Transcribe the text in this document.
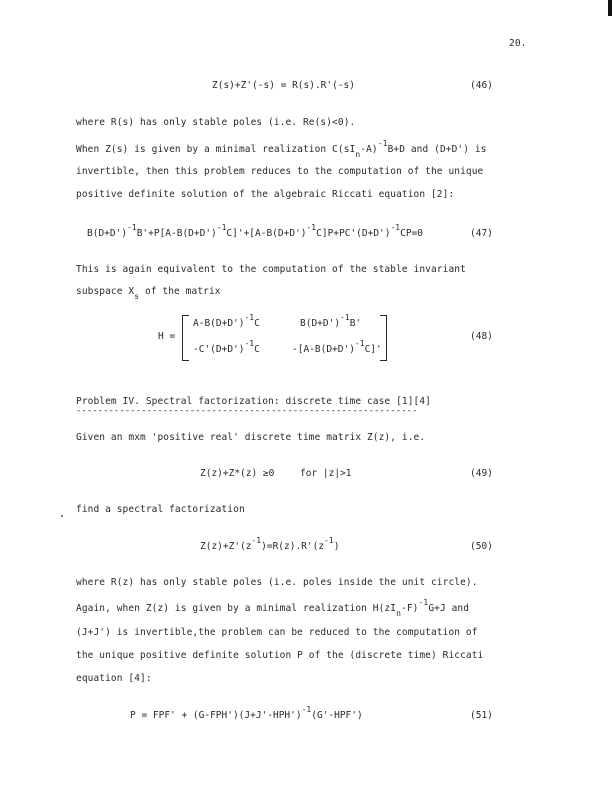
20.
Z(s)+Z'(-s) = R(s).R'(-s)	(46)
where R(s) has only stable poles (i.e. Re(s)<0).
When Z(s) is given by a minimal realization $C(sI_n-A)^{-1}B+D$ and (D+D') is
invertible, then this problem reduces to the computation of the unique
positive definite solution of the algebraic Riccati equation [2]:
$B(D+D')^{-1}B'+P[A-B(D+D')^{-1}C]'+[A-B(D+D')^{-1}C]P+PC'(D+D')^{-1}CP=0$	(47)
This is again equivalent to the computation of the stable invariant
subspace $X_s$ of the matrix
H =
$A-B(D+D')^{-1}C$	$B(D+D')^{-1}B'$
$-C'(D+D')^{-1}C$	$-[A-B(D+D')^{-1}C]'$
(48)
Problem IV. Spectral factorization: discrete time case [1][4]
---------------------------------------------------------------
Given an mxm 'positive real' discrete time matrix Z(z), i.e.
Z(z)+Z*(z) ≥0	for |z|>1	(49)
find a spectral factorization
$Z(z)+Z'(z^{-1})=R(z).R'(z^{-1})$	(50)
where R(z) has only stable poles (i.e. poles inside the unit circle).
Again, when Z(z) is given by a minimal realization $H(zI_n-F)^{-1}G+J$ and
(J+J') is invertible,the problem can be reduced to the computation of
the unique positive definite solution P of the (discrete time) Riccati
equation [4]:
$P = FPF' + (G-FPH')(J+J'-HPH')^{-1}(G'-HPF')$	(51)
